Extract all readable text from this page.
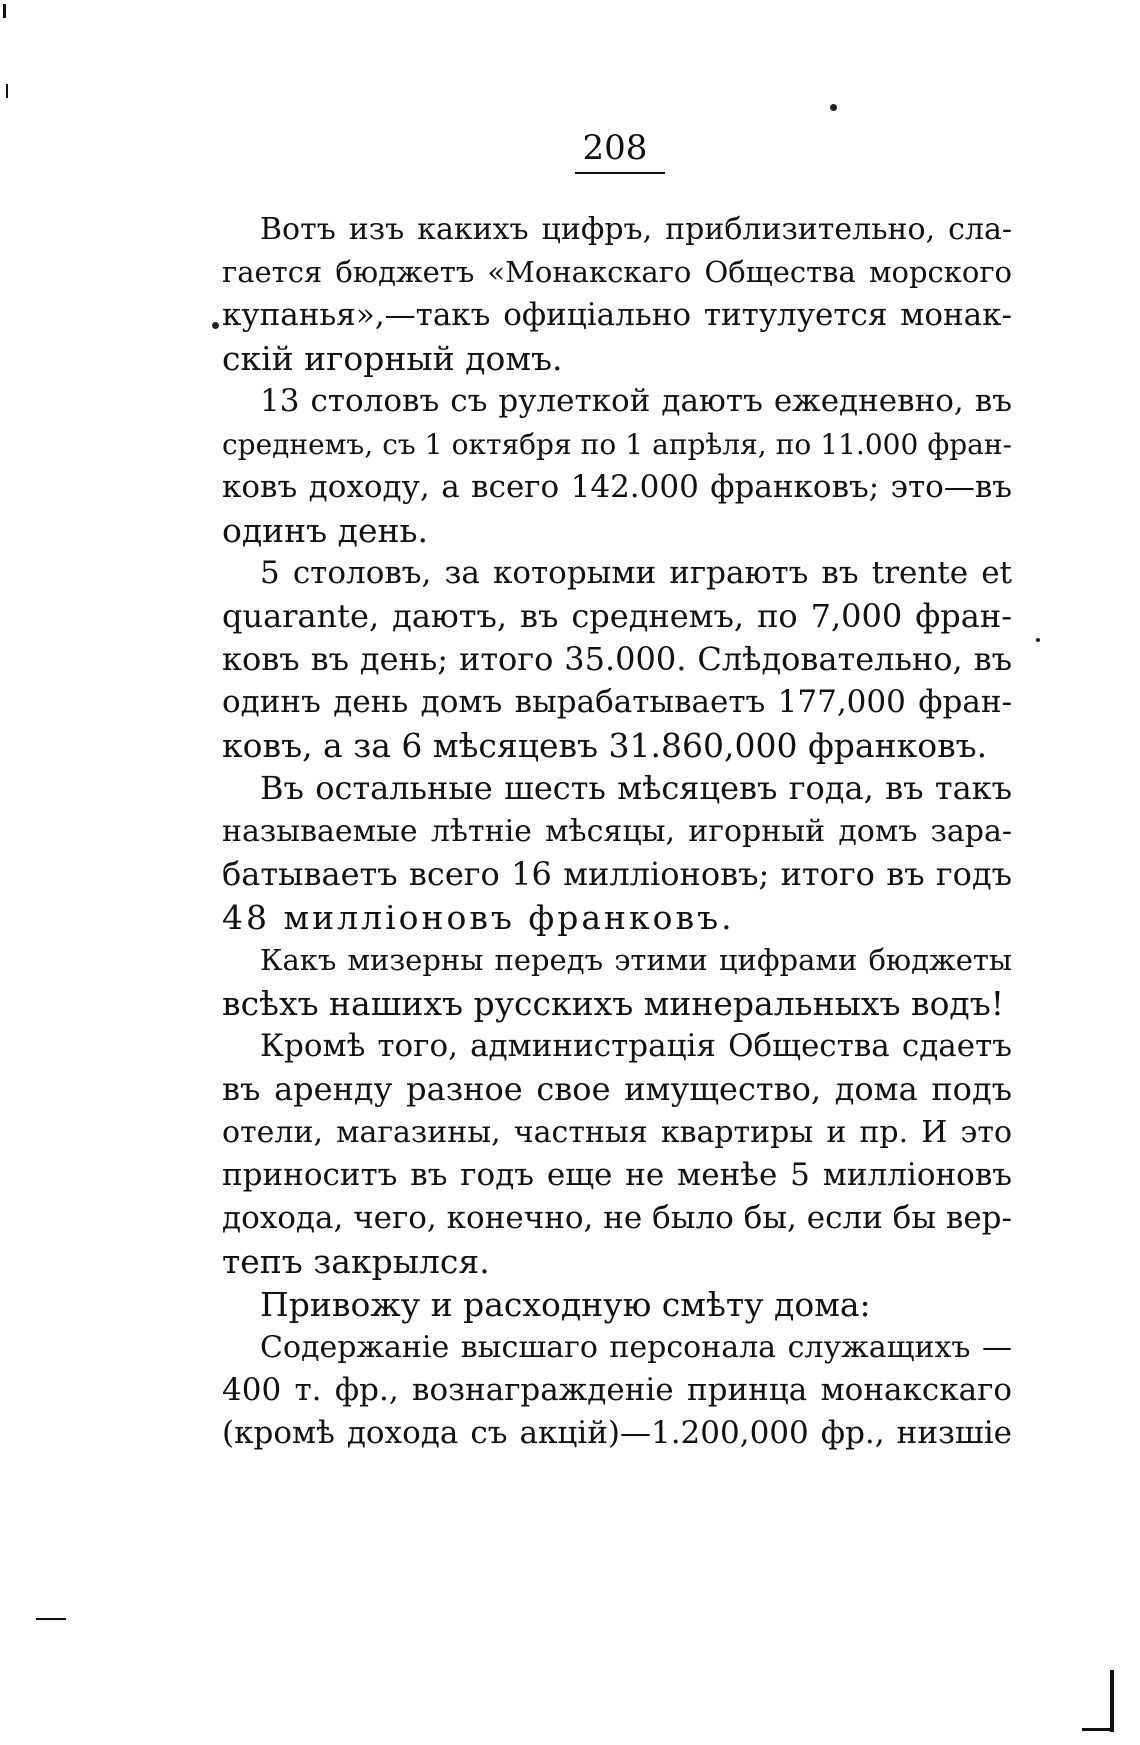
208
Вотъ изъ какихъ цифръ, приблизительно, сла-
гается бюджетъ «Монакскаго Общества морского
купанья»,—такъ офиціально титулуется монак-
скій игорный домъ.
13 столовъ съ рулеткой даютъ ежедневно, въ
среднемъ, съ 1 октября по 1 апрѣля, по 11.000 фран-
ковъ доходу, а всего 142.000 франковъ; это—въ
одинъ день.
5 столовъ, за которыми играютъ въ trente et
quarante, даютъ, въ среднемъ, по 7,000 фран-
ковъ въ день; итого 35.000. Слѣдовательно, въ
одинъ день домъ вырабатываетъ 177,000 фран-
ковъ, а за 6 мѣсяцевъ 31.860,000 франковъ.
Въ остальные шесть мѣсяцевъ года, въ такъ
называемые лѣтніе мѣсяцы, игорный домъ зара-
батываетъ всего 16 милліоновъ; итого въ годъ
48 милліоновъ франковъ.
Какъ мизерны передъ этими цифрами бюджеты
всѣхъ нашихъ русскихъ минеральныхъ водъ!
Кромѣ того, администрація Общества сдаетъ
въ аренду разное свое имущество, дома подъ
отели, магазины, частныя квартиры и пр. И это
приноситъ въ годъ еще не менѣе 5 милліоновъ
дохода, чего, конечно, не было бы, если бы вер-
тепъ закрылся.
Привожу и расходную смѣту дома:
Содержаніе высшаго персонала служащихъ —
400 т. фр., вознагражденіе принца монакскаго
(кромѣ дохода съ акцій)—1.200,000 фр., низшіе
